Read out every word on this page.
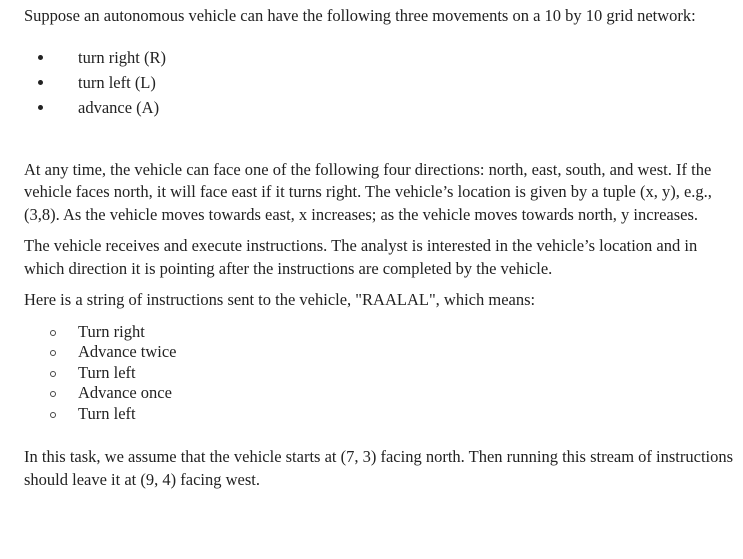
Suppose an autonomous vehicle can have the following three movements on a 10 by 10 grid network:

turn right (R)
turn left (L)
advance (A)

At any time, the vehicle can face one of the following four directions: north, east, south, and west. If the vehicle faces north, it will face east if it turns right. The vehicle’s location is given by a tuple (x, y), e.g., (3,8). As the vehicle moves towards east, x increases; as the vehicle moves towards north, y increases.

The vehicle receives and execute instructions. The analyst is interested in the vehicle’s location and in which direction it is pointing after the instructions are completed by the vehicle.

Here is a string of instructions sent to the vehicle, "RAALAL", which means:

Turn right
Advance twice
Turn left
Advance once
Turn left

In this task, we assume that the vehicle starts at (7, 3) facing north. Then running this stream of instructions should leave it at (9, 4) facing west.
